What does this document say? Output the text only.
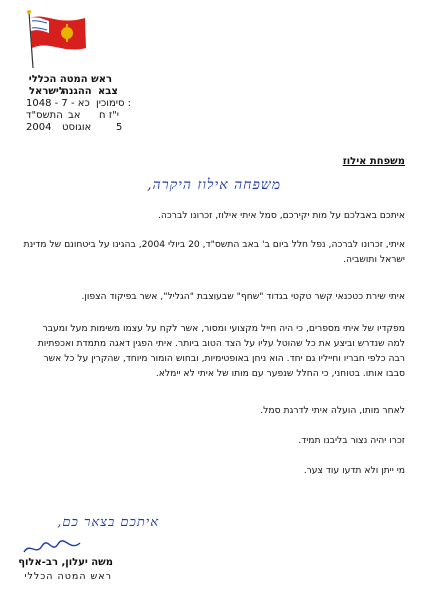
ראש המטה הכללי
צבא
לישראל
ההגנה
סימוכין :
כא - 7 - 1048
י"ז ח
אב
התשס"ד
5
אוגוסט
2004
משפחת אילוז
משפחה אילוז היקרה,
איתכם באבלכם על מות יקירכם, סמל איתי אילוז, זכרונו לברכה.
איתי, זכרונו לברכה, נפל חלל ביום ב' באב התשס"ד, 20 ביולי 2004, בהגינו על ביטחונם של מדינת ישראל ותושביה.
איתי שירת כטכנאי קשר טקטי בגדוד "שחף" שבעוצבת "הגליל", אשר בפיקוד הצפון.
מפקדיו של איתי מספרים, כי היה חייל מקצועי ומסור, אשר לקח על עצמו משימות מעל ומעבר למה שנדרש וביצע את כל שהוטל עליו על הצד הטוב ביותר. איתי הפגין דאגה מתמדת ואכפתיות רבה כלפי חבריו וחייליו גם יחד. הוא ניחן באופטימיות, ובחוש הומור מיוחד, שהקרין על כל אשר סבבו אותו. בטוחני, כי החלל שנפער עם מותו של איתי לא יימלא.
לאחר מותו, הועלה איתי לדרגת סמל.
זכרו יהיה נצור בליבנו תמיד.
מי ייתן ולא תדעו עוד צער.
איתכם בצאר כם,
משה יעלון, רב-אלוף
ראש המטה הכללי
